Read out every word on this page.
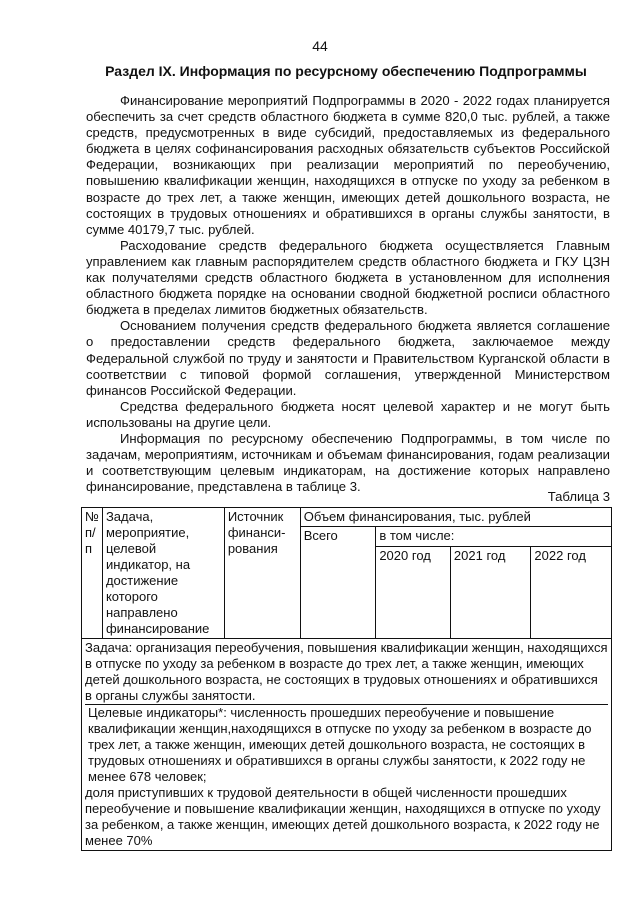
44
Раздел IX. Информация по ресурсному обеспечению Подпрограммы

Финансирование мероприятий Подпрограммы в 2020 - 2022 годах планируется обеспечить за счет средств областного бюджета в сумме 820,0 тыс. рублей, а также средств, предусмотренных в виде субсидий, предоставляемых из федерального бюджета в целях софинансирования расходных обязательств субъектов Российской Федерации, возникающих при реализации мероприятий по переобучению, повышению квалификации женщин, находящихся в отпуске по уходу за ребенком в возрасте до трех лет, а также женщин, имеющих детей дошкольного возраста, не состоящих в трудовых отношениях и обратившихся в органы службы занятости, в сумме 40179,7 тыс. рублей.

Расходование средств федерального бюджета осуществляется Главным управлением как главным распорядителем средств областного бюджета и ГКУ ЦЗН как получателями средств областного бюджета в установленном для исполнения областного бюджета порядке на основании сводной бюджетной росписи областного бюджета в пределах лимитов бюджетных обязательств.

Основанием получения средств федерального бюджета является соглашение о предоставлении средств федерального бюджета, заключаемое между Федеральной службой по труду и занятости и Правительством Курганской области в соответствии с типовой формой соглашения, утвержденной Министерством финансов Российской Федерации.

Средства федерального бюджета носят целевой характер и не могут быть использованы на другие цели.

Информация по ресурсному обеспечению Подпрограммы, в том числе по задачам, мероприятиям, источникам и объемам финансирования, годам реализации и соответствующим целевым индикаторам, на достижение которых направлено финансирование, представлена в таблице 3.

Таблица 3
№ п/п	Задача, мероприятие, целевой индикатор, на достижение которого направлено финансирование	Источник финанси-рования	Объем финансирования, тыс. рублей			
			Всего	в том числе:		
				2020 год	2021 год	2022 год

Задача: организация переобучения, повышения квалификации женщин, находящихся в отпуске по уходу за ребенком в возрасте до трех лет, а также женщин, имеющих детей дошкольного возраста, не состоящих в трудовых отношениях и обратившихся в органы службы занятости.

Целевые индикаторы*: численность прошедших переобучение и повышение квалификации женщин,находящихся в отпуске по уходу за ребенком в возрасте до трех лет, а также женщин, имеющих детей дошкольного возраста, не состоящих в трудовых отношениях и обратившихся в органы службы занятости, к 2022 году не менее 678 человек;

доля приступивших к трудовой деятельности в общей численности прошедших переобучение и повышение квалификации женщин, находящихся в отпуске по уходу за ребенком, а также женщин, имеющих детей дошкольного возраста, к 2022 году не менее 70%						
